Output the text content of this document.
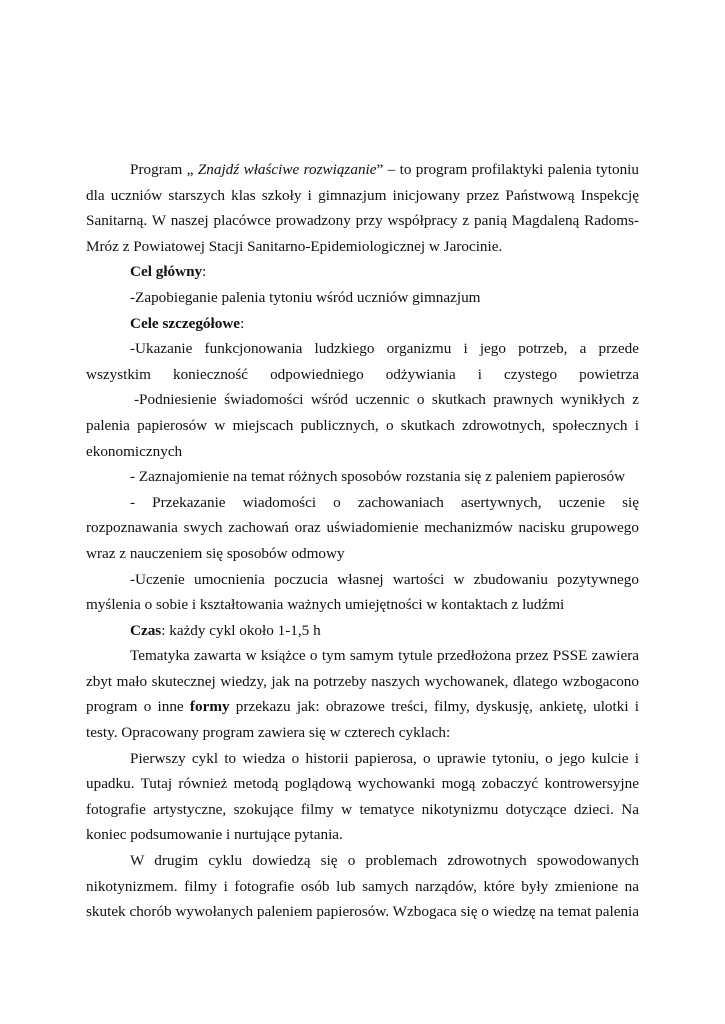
Program „ Znajdź właściwe rozwiązanie” – to program profilaktyki palenia tytoniu dla uczniów starszych klas szkoły i gimnazjum inicjowany przez Państwową Inspekcję Sanitarną. W naszej placówce prowadzony przy współpracy z panią Magdaleną Radoms-Mróz z Powiatowej Stacji Sanitarno-Epidemiologicznej w Jarocinie.

Cel główny:

-Zapobieganie palenia tytoniu wśród uczniów gimnazjum

Cele szczegółowe:

-Ukazanie funkcjonowania ludzkiego organizmu i jego potrzeb, a przede wszystkim konieczność odpowiedniego odżywiania i czystego powietrza

-Podniesienie świadomości wśród uczennic o skutkach prawnych wynikłych z palenia papierosów w miejscach publicznych, o skutkach zdrowotnych, społecznych i ekonomicznych

- Zaznajomienie na temat różnych sposobów rozstania się z paleniem papierosów

- Przekazanie wiadomości o zachowaniach asertywnych, uczenie się rozpoznawania swych zachowań oraz uświadomienie mechanizmów nacisku grupowego wraz z nauczeniem się sposobów odmowy

-Uczenie umocnienia poczucia własnej wartości w zbudowaniu pozytywnego myślenia o sobie i kształtowania ważnych umiejętności w kontaktach z ludźmi

Czas: każdy cykl około 1-1,5 h

Tematyka zawarta w książce o tym samym tytule przedłożona przez PSSE zawiera zbyt mało skutecznej wiedzy, jak na potrzeby naszych wychowanek, dlatego wzbogacono program o inne formy przekazu jak: obrazowe treści, filmy, dyskusję, ankietę, ulotki i testy. Opracowany program zawiera się w czterech cyklach:

Pierwszy cykl to wiedza o historii papierosa, o uprawie tytoniu, o jego kulcie i upadku. Tutaj również metodą poglądową wychowanki mogą zobaczyć kontrowersyjne fotografie artystyczne, szokujące filmy w tematyce nikotynizmu dotyczące dzieci. Na koniec podsumowanie i nurtujące pytania.

W drugim cyklu dowiedzą się o problemach zdrowotnych spowodowanych nikotynizmem. filmy i fotografie osób lub samych narządów, które były zmienione na skutek chorób wywołanych paleniem papierosów. Wzbogaca się o wiedzę na temat palenia
